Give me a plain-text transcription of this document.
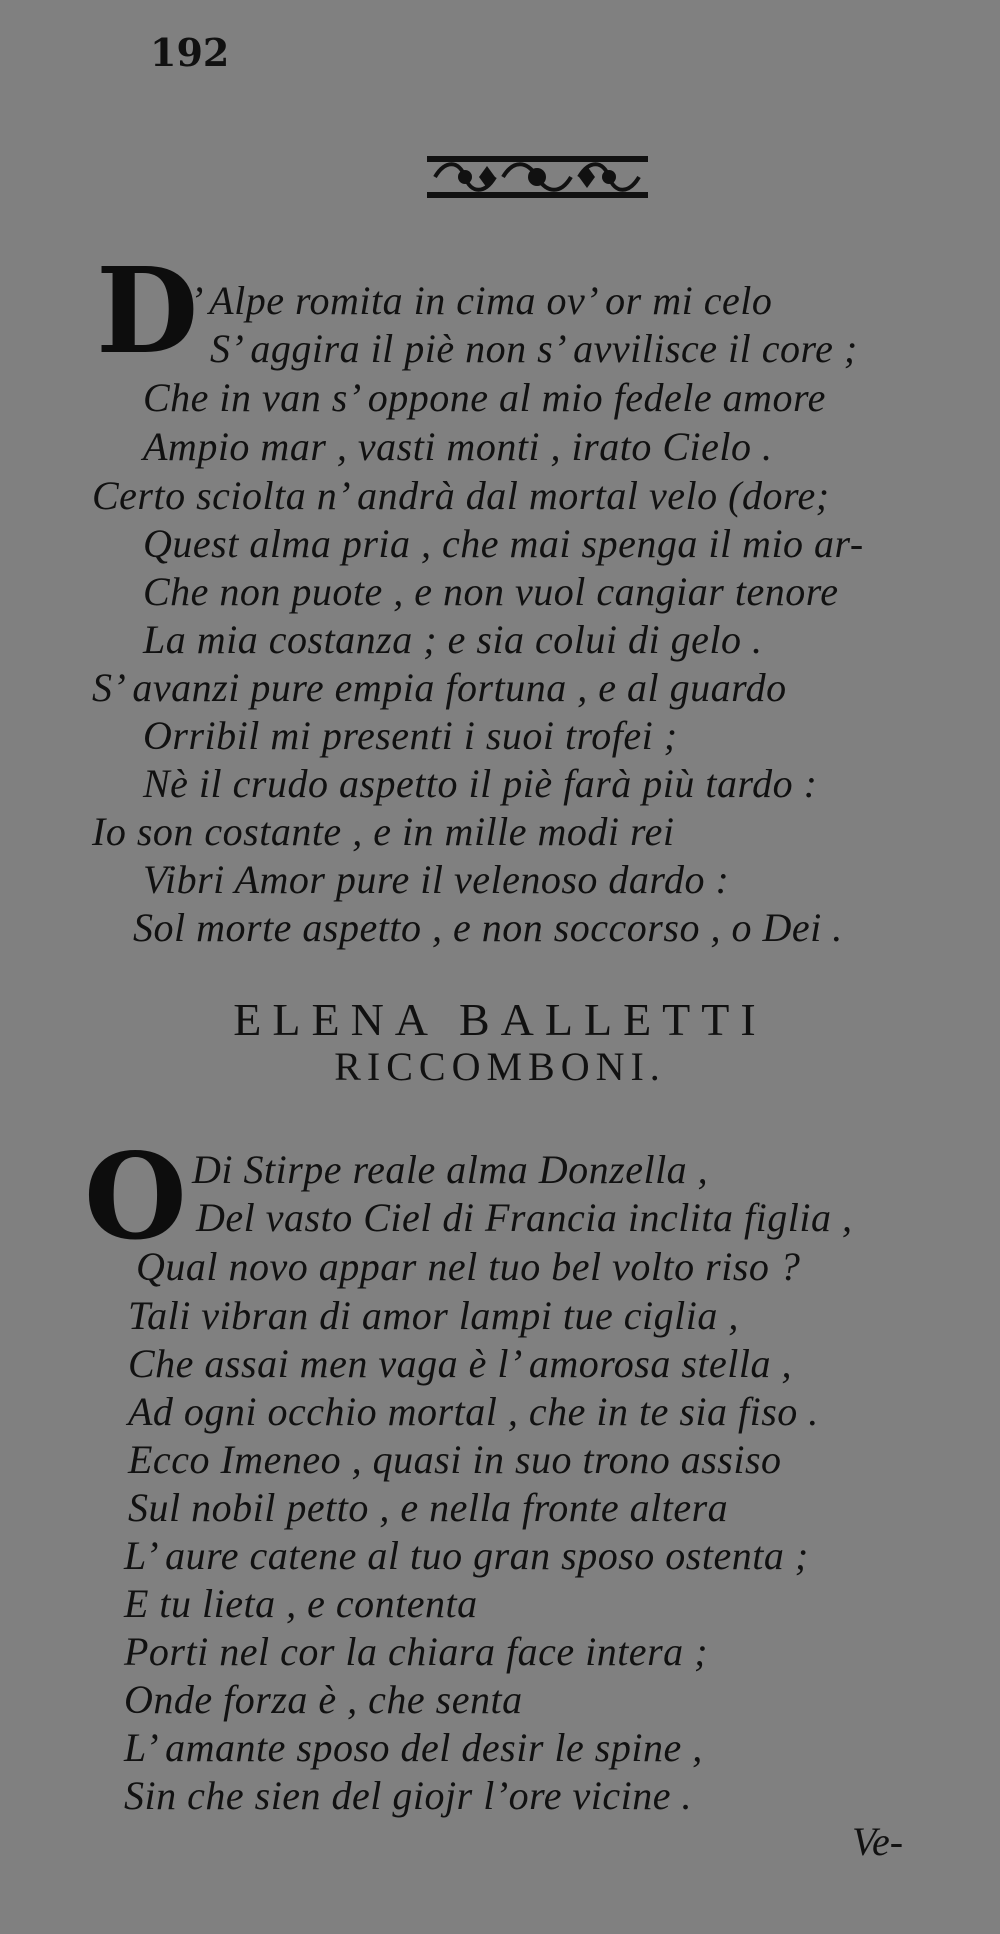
192
D
’ Alpe romita in cima ov’ or mi celo
S’ aggira il piè non s’ avvilisce il core ;
Che in van s’ oppone al mio fedele amore
Ampio mar , vasti monti , irato Cielo .
Certo sciolta n’ andrà dal mortal velo (dore;
Quest alma pria , che mai spenga il mio ar-
Che non puote , e non vuol cangiar tenore
La mia costanza ; e sia colui di gelo .
S’ avanzi pure empia fortuna , e al guardo
Orribil mi presenti i suoi trofei ;
Nè il crudo aspetto il piè farà più tardo :
Io son costante , e in mille modi rei
Vibri Amor pure il velenoso dardo :
Sol morte aspetto , e non soccorso , o Dei .
ELENA BALLETTI
RICCOMBONI.
O Di Stirpe reale alma Donzella ,
Del vasto Ciel di Francia inclita figlia ,
Qual novo appar nel tuo bel volto riso ?
Tali vibran di amor lampi tue ciglia ,
Che assai men vaga è l’ amorosa stella ,
Ad ogni occhio mortal , che in te sia fiso .
Ecco Imeneo , quasi in suo trono assiso
Sul nobil petto , e nella fronte altera
L’ aure catene al tuo gran sposo ostenta ;
E tu lieta , e contenta
Porti nel cor la chiara face intera ;
Onde forza è , che senta
L’ amante sposo del desir le spine ,
Sin che sien del giojr l’ore vicine .
Ve-
